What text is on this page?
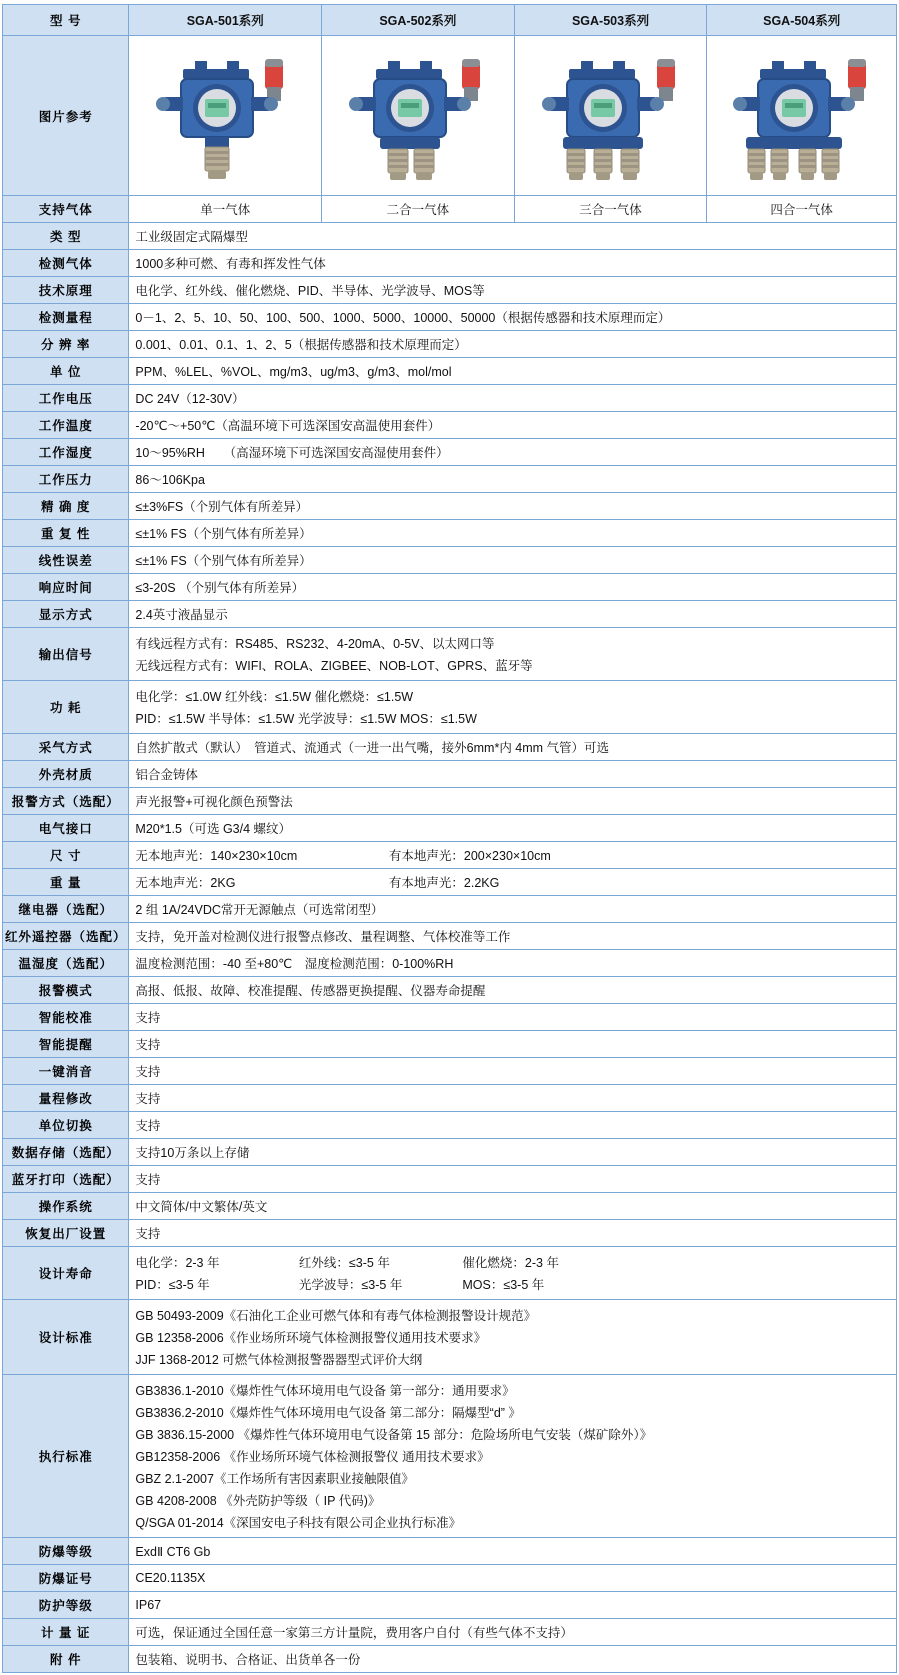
型 号	SGA-501系列	SGA-502系列	SGA-503系列	SGA-504系列
图片参考	

支持气体	单一气体	二合一气体	三合一气体	四合一气体
类 型	工业级固定式隔爆型			
检测气体	1000多种可燃、有毒和挥发性气体			
技术原理	电化学、红外线、催化燃烧、PID、半导体、光学波导、MOS等			
检测量程	0－1、2、5、10、50、100、500、1000、5000、10000、50000（根据传感器和技术原理而定）			
分 辨 率	0.001、0.01、0.1、1、2、5（根据传感器和技术原理而定）			
单 位	PPM、%LEL、%VOL、mg/m3、ug/m3、g/m3、mol/mol			
工作电压	DC 24V（12-30V）			
工作温度	-20℃～+50℃（高温环境下可选深国安高温使用套件）			
工作湿度	10～95%RH　　（高湿环境下可选深国安高湿使用套件）			
工作压力	86～106Kpa			
精 确 度	≤±3%FS（个别气体有所差异）			
重 复 性	≤±1% FS（个别气体有所差异）			
线性误差	≤±1% FS（个别气体有所差异）			
响应时间	≤3-20S （个别气体有所差异）			
显示方式	2.4英寸液晶显示			
输出信号	有线远程方式有：RS485、RS232、4-20mA、0-5V、以太网口等
无线远程方式有：WIFI、ROLA、ZIGBEE、NOB-LOT、GPRS、蓝牙等			

功 耗	电化学：≤1.0W 红外线：≤1.5W 催化燃烧：≤1.5W
PID：≤1.5W 半导体：≤1.5W 光学波导：≤1.5W MOS：≤1.5W			

采气方式	自然扩散式（默认）　管道式、流通式（一进一出气嘴，接外6mm*内 4mm 气管）可选			
外壳材质	铝合金铸体			
报警方式（选配）	声光报警+可视化颜色预警法			
电气接口	M20*1.5（可选 G3/4 螺纹）			
尺 寸	无本地声光：140×230×10cm 有本地声光：200×230×10cm			
重 量	无本地声光：2KG 有本地声光：2.2KG			
继电器（选配）	2 组 1A/24VDC常开无源触点（可选常闭型）			
红外遥控器（选配）	支持，免开盖对检测仪进行报警点修改、量程调整、气体校准等工作			
温湿度（选配）	温度检测范围：-40 至+80℃　湿度检测范围：0-100%RH			
报警模式	高报、低报、故障、校准提醒、传感器更换提醒、仪器寿命提醒			
智能校准	支持			
智能提醒	支持			
一键消音	支持			
量程修改	支持			
单位切换	支持			
数据存储（选配）	支持10万条以上存储			
蓝牙打印（选配）	支持			
操作系统	中文简体/中文繁体/英文			
恢复出厂设置	支持			
设计寿命	电化学：2-3 年 红外线：≤3-5 年 催化燃烧：2-3 年
PID：≤3-5 年 光学波导：≤3-5 年 MOS：≤3-5 年			

设计标准	GB 50493-2009《石油化工企业可燃气体和有毒气体检测报警设计规范》
GB 12358-2006《作业场所环境气体检测报警仪通用技术要求》
JJF 1368-2012 可燃气体检测报警器器型式评价大纲			

执行标准	
GB3836.1-2010《爆炸性气体环境用电气设备 第一部分：通用要求》
GB3836.2-2010《爆炸性气体环境用电气设备 第二部分：隔爆型“d” 》
GB 3836.15-2000 《爆炸性气体环境用电气设备第 15 部分：危险场所电气安装（煤矿除外）》
GB12358-2006 《作业场所环境气体检测报警仪 通用技术要求》
GBZ 2.1-2007《工作场所有害因素职业接触限值》
GB 4208-2008 《外壳防护等级（ IP 代码)》
Q/SGA 01-2014《深国安电子科技有限公司企业执行标准》

防爆等级	ExdⅡ CT6 Gb			
防爆证号	CE20.1135X			
防护等级	IP67			
计 量 证	可选，保证通过全国任意一家第三方计量院，费用客户自付（有些气体不支持）			
附 件	包装箱、说明书、合格证、出货单各一份			
